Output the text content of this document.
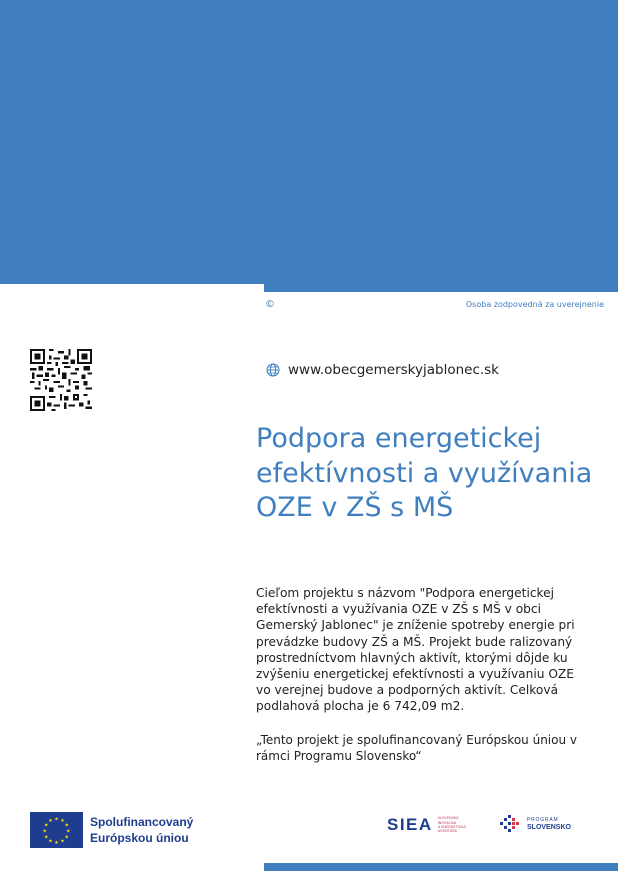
©	Osoba zodpovedná za uverejnenie
www.obecgemerskyjablonec.sk
Podpora energetickej efektívnosti a využívania OZE v ZŠ s MŠ

Cieľom projektu s názvom "Podpora energetickej efektívnosti a využívania OZE v ZŠ s MŠ v obci Gemerský Jablonec" je zníženie spotreby energie pri prevádzke budovy ZŠ a MŠ. Projekt bude ralizovaný prostredníctvom hlavných aktivít, ktorými dôjde ku zvýšeniu energetickej efektívnosti a využívaniu OZE vo verejnej budove a podporných aktivít. Celková podlahová plocha je 6 742,09 m2.

„Tento projekt je spolufinancovaný Európskou úniou v rámci Programu Slovensko“

★ ★
★
★
★
★
★
★
★
★
★
★	Spolufinancovaný
Európskou úniou
SIEA SLOVENSKÁ
INOVAČNÁ
A ENERGETICKÁ
AGENTÚRA
PROGRAM
SLOVENSKO
